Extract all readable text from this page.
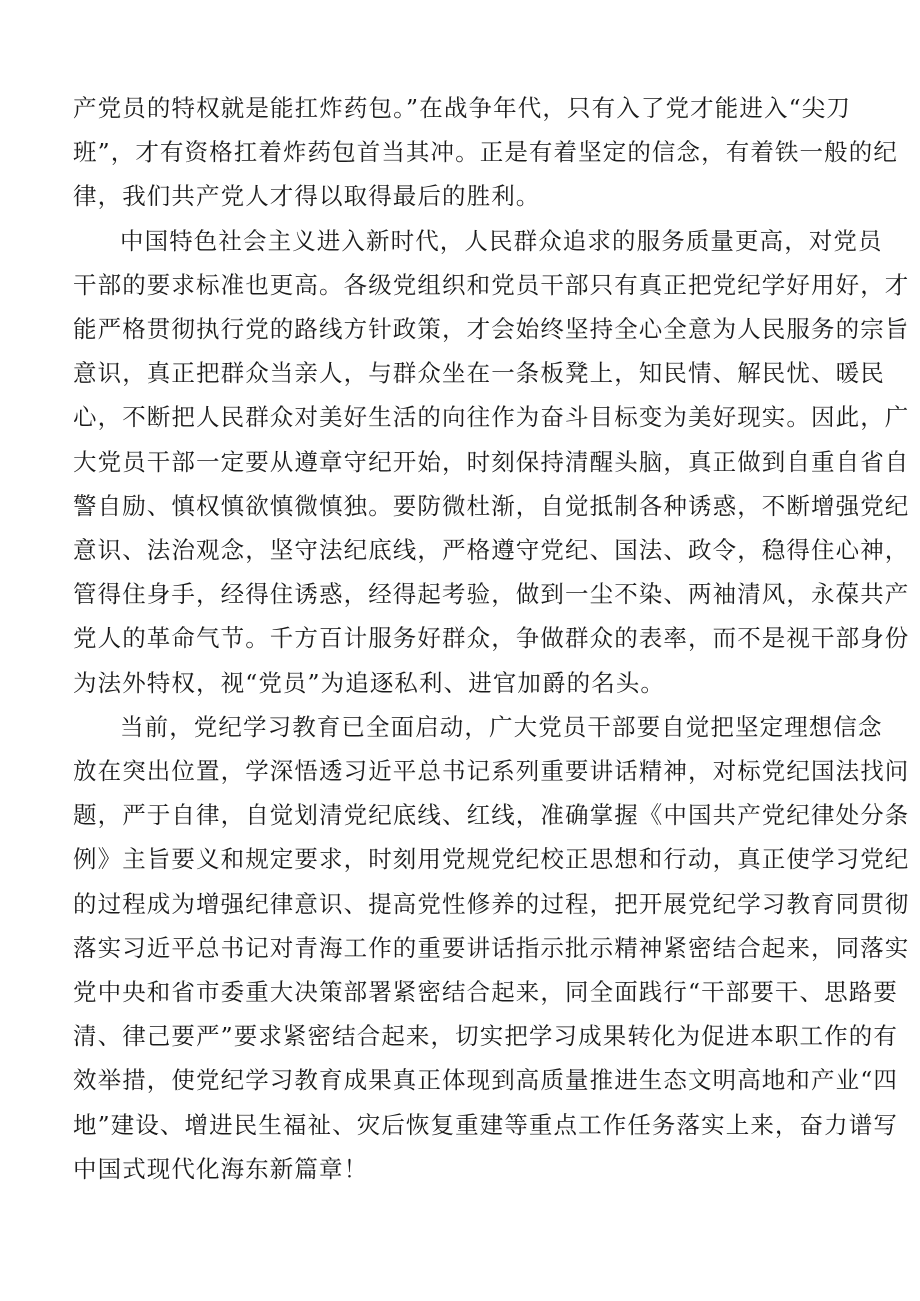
产党员的特权就是能扛炸药包。”在战争年代，只有入了党才能进入“尖刀
班”，才有资格扛着炸药包首当其冲。正是有着坚定的信念，有着铁一般的纪
律，我们共产党人才得以取得最后的胜利。

中国特色社会主义进入新时代，人民群众追求的服务质量更高，对党员
干部的要求标准也更高。各级党组织和党员干部只有真正把党纪学好用好，才
能严格贯彻执行党的路线方针政策，才会始终坚持全心全意为人民服务的宗旨
意识，真正把群众当亲人，与群众坐在一条板凳上，知民情、解民忧、暖民
心，不断把人民群众对美好生活的向往作为奋斗目标变为美好现实。因此，广
大党员干部一定要从遵章守纪开始，时刻保持清醒头脑，真正做到自重自省自
警自励、慎权慎欲慎微慎独。要防微杜渐，自觉抵制各种诱惑，不断增强党纪
意识、法治观念，坚守法纪底线，严格遵守党纪、国法、政令，稳得住心神，
管得住身手，经得住诱惑，经得起考验，做到一尘不染、两袖清风，永葆共产
党人的革命气节。千方百计服务好群众，争做群众的表率，而不是视干部身份
为法外特权，视“党员”为追逐私利、进官加爵的名头。

当前，党纪学习教育已全面启动，广大党员干部要自觉把坚定理想信念
放在突出位置，学深悟透习近平总书记系列重要讲话精神，对标党纪国法找问
题，严于自律，自觉划清党纪底线、红线，准确掌握《中国共产党纪律处分条
例》主旨要义和规定要求，时刻用党规党纪校正思想和行动，真正使学习党纪
的过程成为增强纪律意识、提高党性修养的过程，把开展党纪学习教育同贯彻
落实习近平总书记对青海工作的重要讲话指示批示精神紧密结合起来，同落实
党中央和省市委重大决策部署紧密结合起来，同全面践行“干部要干、思路要
清、律己要严”要求紧密结合起来，切实把学习成果转化为促进本职工作的有
效举措，使党纪学习教育成果真正体现到高质量推进生态文明高地和产业“四
地”建设、增进民生福祉、灾后恢复重建等重点工作任务落实上来，奋力谱写
中国式现代化海东新篇章！
